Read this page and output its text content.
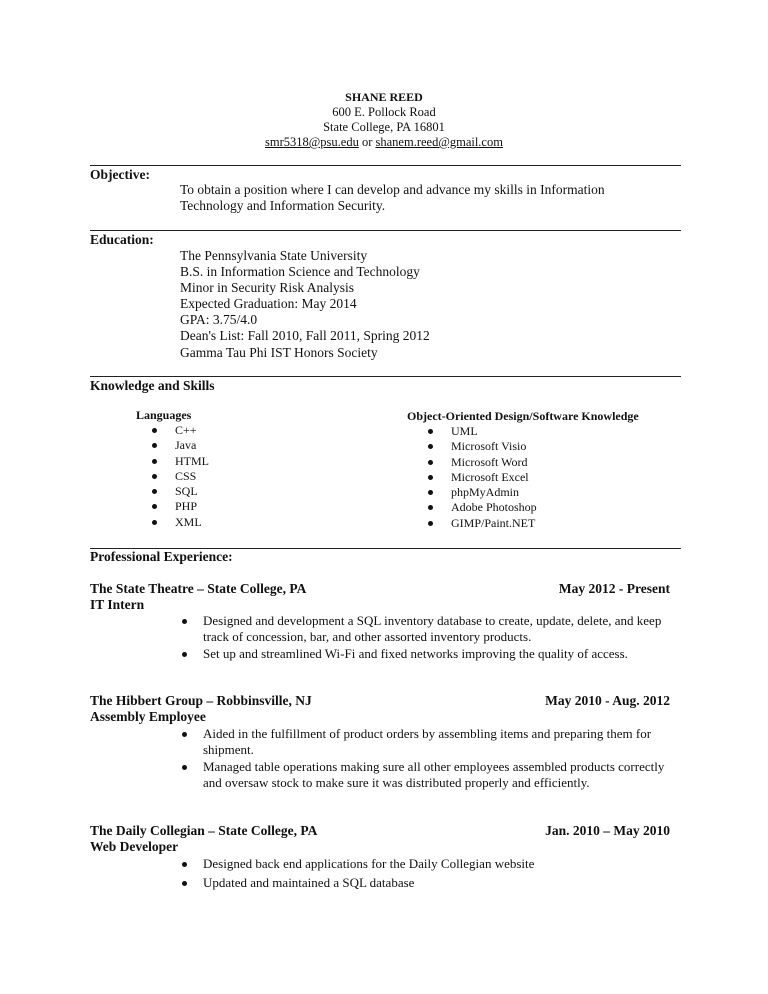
SHANE REED
600 E. Pollock Road
State College, PA 16801
smr5318@psu.edu or shanem.reed@gmail.com
Objective:
To obtain a position where I can develop and advance my skills in Information
Technology and Information Security.
Education:
The Pennsylvania State University
B.S. in Information Science and Technology
Minor in Security Risk Analysis
Expected Graduation: May 2014
GPA: 3.75/4.0
Dean's List: Fall 2010, Fall 2011, Spring 2012
Gamma Tau Phi IST Honors Society
Knowledge and Skills
Languages
C++
Java
HTML
CSS
SQL
PHP
XML
Object-Oriented Design/Software Knowledge
UML
Microsoft Visio
Microsoft Word
Microsoft Excel
phpMyAdmin
Adobe Photoshop
GIMP/Paint.NET
Professional Experience:
The State Theatre – State College, PA	May 2012 - Present
IT Intern
Designed and development a SQL inventory database to create, update, delete, and keep track of concession, bar, and other assorted inventory products.
Set up and streamlined Wi-Fi and fixed networks improving the quality of access.
The Hibbert Group – Robbinsville, NJ	May 2010 - Aug. 2012
Assembly Employee
Aided in the fulfillment of product orders by assembling items and preparing them for shipment.
Managed table operations making sure all other employees assembled products correctly and oversaw stock to make sure it was distributed properly and efficiently.
The Daily Collegian – State College, PA	Jan. 2010 – May 2010
Web Developer
Designed back end applications for the Daily Collegian website
Updated and maintained a SQL database
